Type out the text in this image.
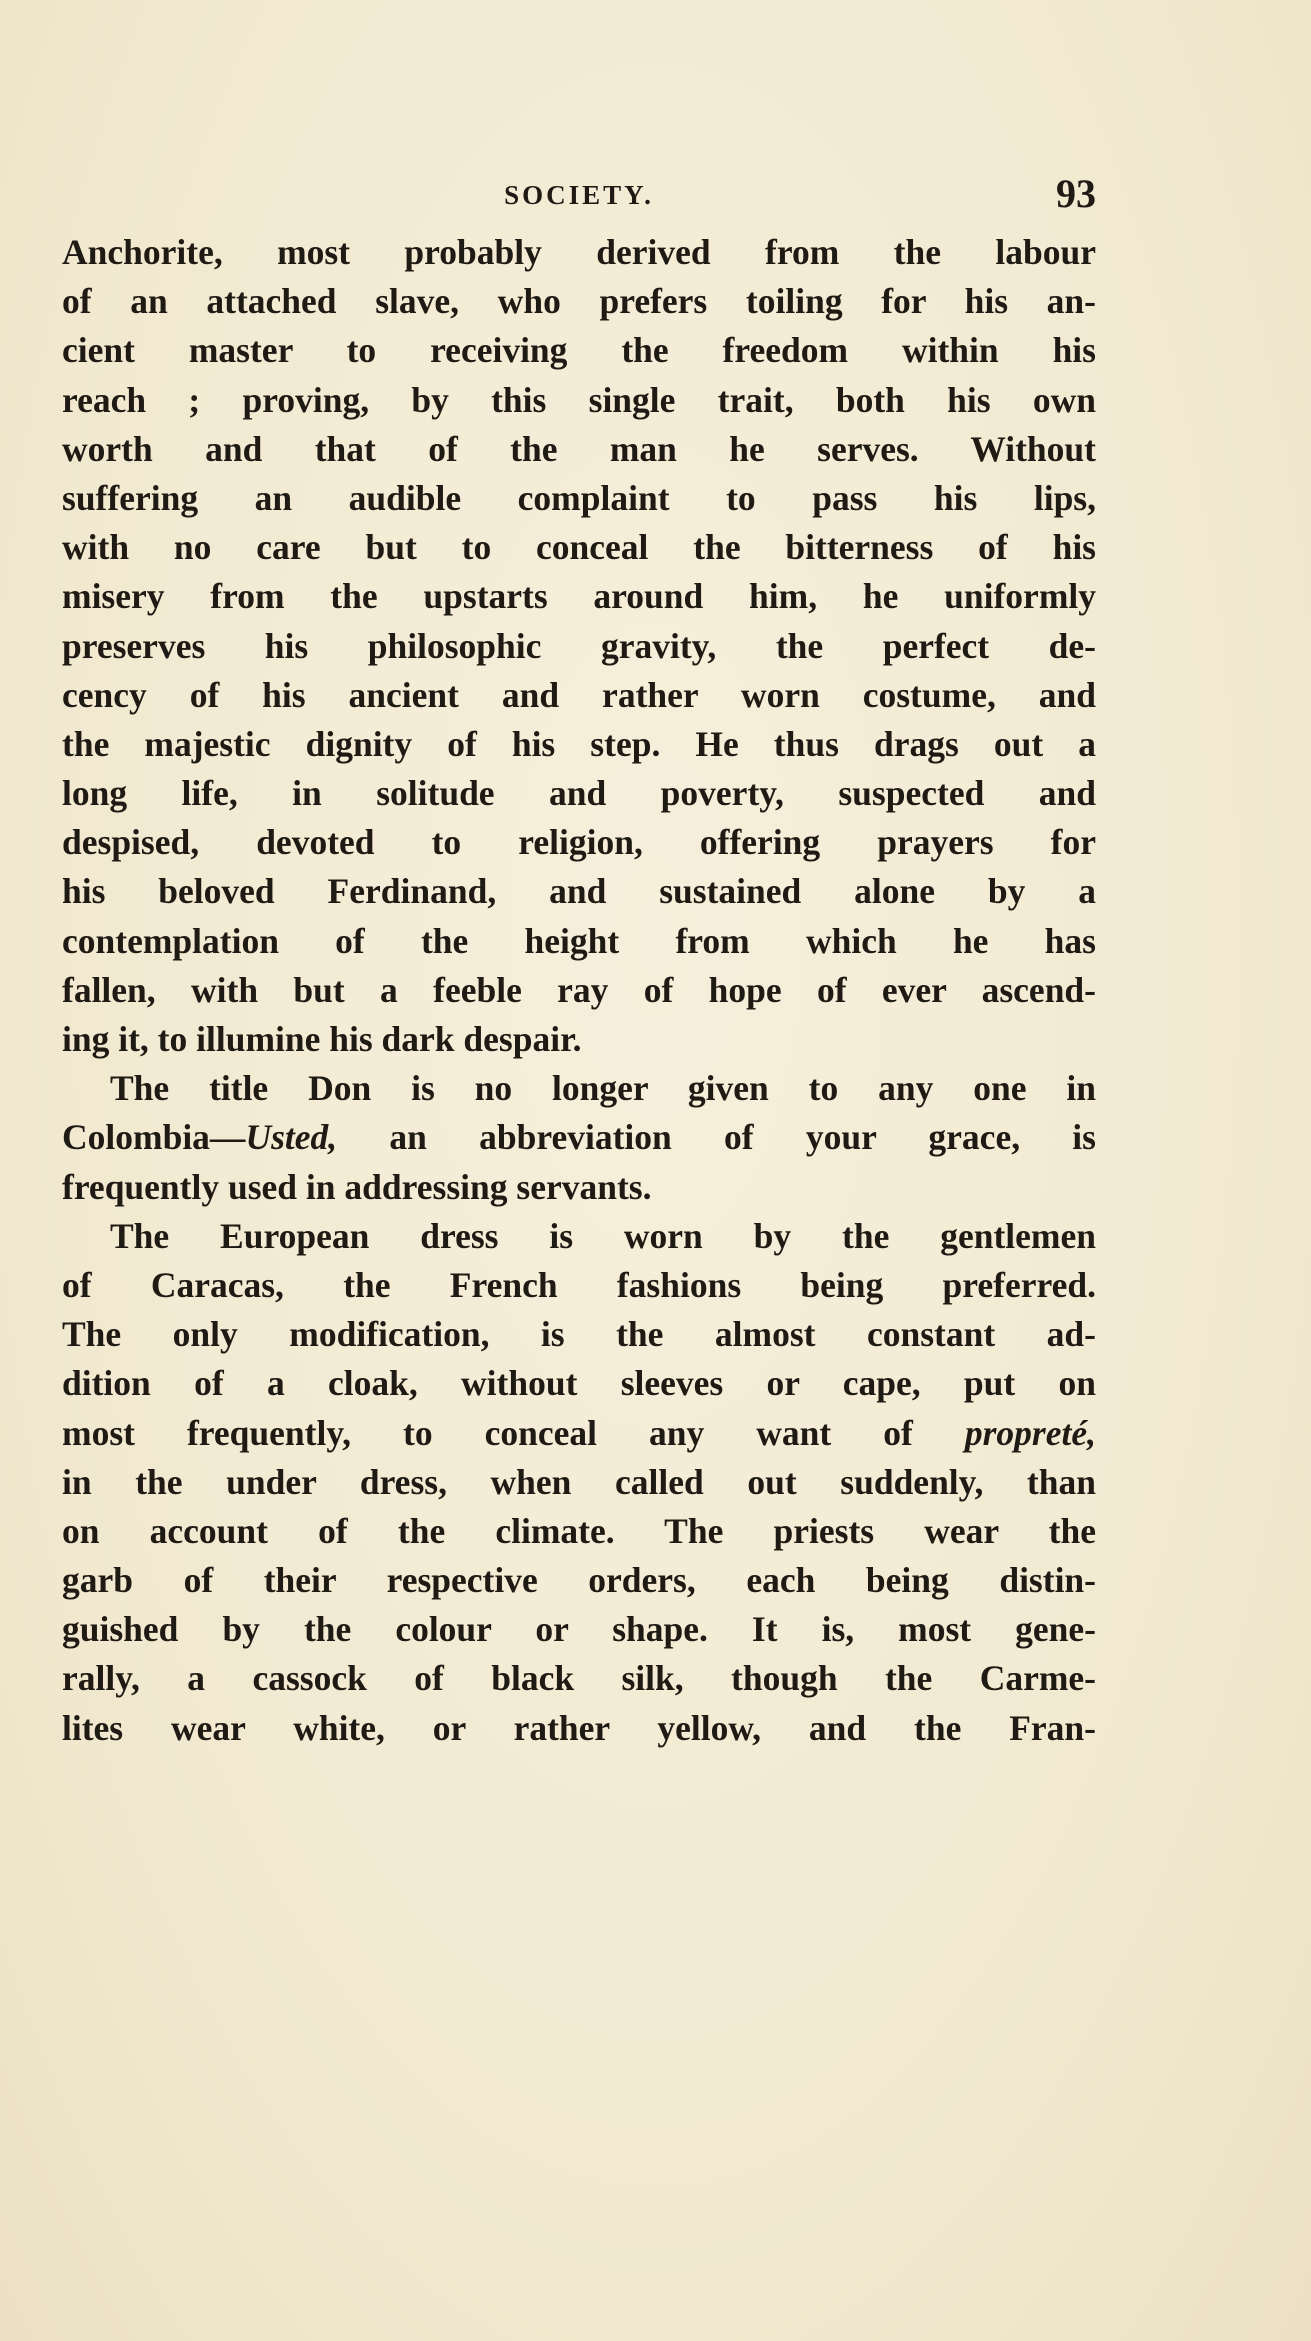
SOCIETY.	93
Anchorite, most probably derived from the labour
of an attached slave, who prefers toiling for his an-
cient master to receiving the freedom within his
reach ; proving, by this single trait, both his own
worth and that of the man he serves. Without
suffering an audible complaint to pass his lips,
with no care but to conceal the bitterness of his
misery from the upstarts around him, he uniformly
preserves his philosophic gravity, the perfect de-
cency of his ancient and rather worn costume, and
the majestic dignity of his step. He thus drags out a
long life, in solitude and poverty, suspected and
despised, devoted to religion, offering prayers for
his beloved Ferdinand, and sustained alone by a
contemplation of the height from which he has
fallen, with but a feeble ray of hope of ever ascend-
ing it, to illumine his dark despair.
The title Don is no longer given to any one in
Colombia—Usted, an abbreviation of your grace, is
frequently used in addressing servants.
The European dress is worn by the gentlemen
of Caracas, the French fashions being preferred.
The only modification, is the almost constant ad-
dition of a cloak, without sleeves or cape, put on
most frequently, to conceal any want of propreté,
in the under dress, when called out suddenly, than
on account of the climate. The priests wear the
garb of their respective orders, each being distin-
guished by the colour or shape. It is, most gene-
rally, a cassock of black silk, though the Carme-
lites wear white, or rather yellow, and the Fran-
